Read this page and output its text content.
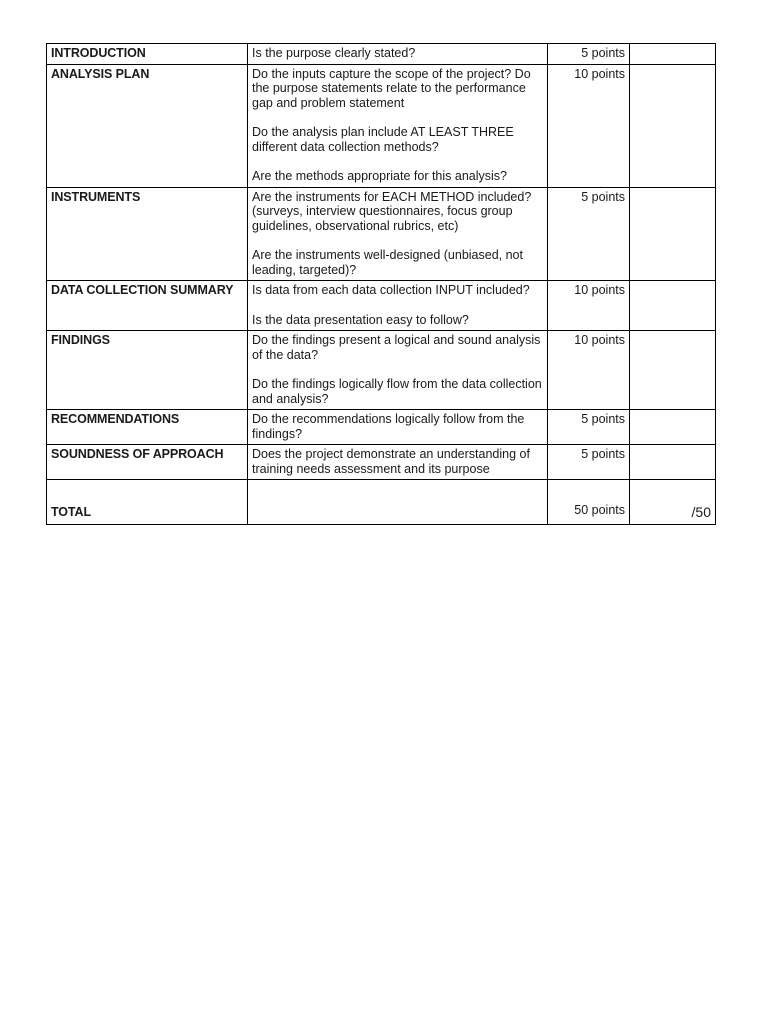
INTRODUCTION	Is the purpose clearly stated?	5 points	
ANALYSIS PLAN	Do the inputs capture the scope of the project? Do the purpose statements relate to the performance gap and problem statement

Do the analysis plan include AT LEAST THREE different data collection methods?

Are the methods appropriate for this analysis?	10 points	
INSTRUMENTS	Are the instruments for EACH METHOD included? (surveys, interview questionnaires, focus group guidelines, observational rubrics, etc)

Are the instruments well-designed (unbiased, not leading, targeted)?	5 points	
DATA COLLECTION SUMMARY	Is data from each data collection INPUT included?

Is the data presentation easy to follow?	10 points	
FINDINGS	Do the findings present a logical and sound analysis of the data?

Do the findings logically flow from the data collection and analysis?	10 points	
RECOMMENDATIONS	Do the recommendations logically follow from the findings?	5 points	
SOUNDNESS OF APPROACH	Does the project demonstrate an understanding of training needs assessment and its purpose	5 points	
TOTAL		50 points	/50
